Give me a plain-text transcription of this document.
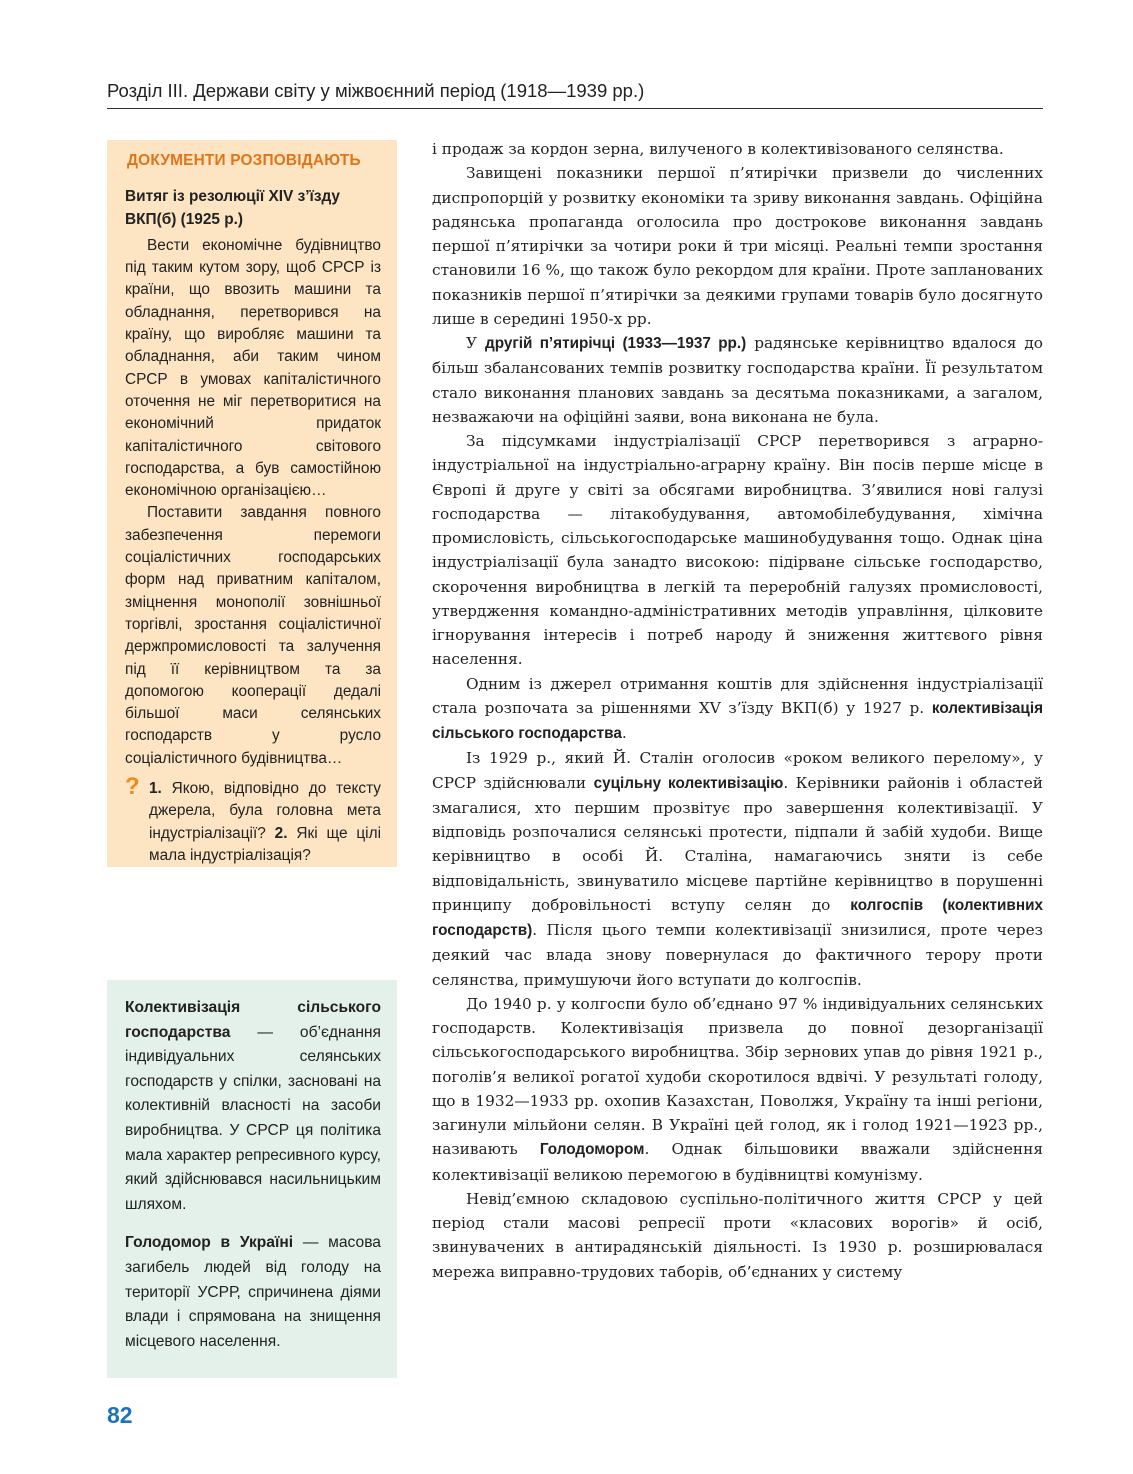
Розділ ІІІ. Держави світу у міжвоєнний період (1918—1939 рр.)
ДОКУМЕНТИ РОЗПОВІДАЮТЬ
Витяг із резолюції XIV з’їзду ВКП(б) (1925 р.)

Вести економічне будівництво під таким кутом зору, щоб СРСР із країни, що ввозить машини та обладнання, перетворився на країну, що виробляє машини та обладнання, аби таким чином СРСР в умовах капіталістичного оточення не міг перетворитися на економічний придаток капіталістичного світового господарства, а був самостійною економічною організацією…

Поставити завдання повного забезпечення перемоги соціалістичних господарських форм над приватним капіталом, зміцнення монополії зовнішньої торгівлі, зростання соціалістичної держпромисловості та залучення під її керівництвом та за допомогою кооперації дедалі більшої маси селянських господарств у русло соціалістичного будівництва…

? 1. Якою, відповідно до тексту джерела, була головна мета індустріалізації? 2. Які ще цілі мала індустріалізація?

Колективізація сільського господарства — об’єднання індивідуальних селянських господарств у спілки, засновані на колективній власності на засоби виробництва. У СРСР ця політика мала характер репресивного курсу, який здійснювався насильницьким шляхом.

Голодомор в Україні — масова загибель людей від голоду на території УСРР, спричинена діями влади і спрямована на знищення місцевого населення.

і продаж за кордон зерна, вилученого в колективізованого селянства.

Завищені показники першої п’ятирічки призвели до численних диспропорцій у розвитку економіки та зриву виконання завдань. Офіційна радянська пропаганда оголосила про дострокове виконання завдань першої п’ятирічки за чотири роки й три місяці. Реальні темпи зростання становили 16 %, що також було рекордом для країни. Проте запланованих показників першої п’ятирічки за деякими групами товарів було досягнуто лише в середині 1950-х рр.

У другій п’ятирічці (1933—1937 рр.) радянське керівництво вдалося до більш збалансованих темпів розвитку господарства країни. Її результатом стало виконання планових завдань за десятьма показниками, а загалом, незважаючи на офіційні заяви, вона виконана не була.

За підсумками індустріалізації СРСР перетворився з аграрно-індустріальної на індустріально-аграрну країну. Він посів перше місце в Європі й друге у світі за обсягами виробництва. З’явилися нові галузі господарства — літакобудування, автомобілебудування, хімічна промисловість, сільськогосподарське машинобудування тощо. Однак ціна індустріалізації була занадто високою: підірване сільське господарство, скорочення виробництва в легкій та переробній галузях промисловості, утвердження командно-адміністративних методів управління, цілковите ігнорування інтересів і потреб народу й зниження життєвого рівня населення.

Одним із джерел отримання коштів для здійснення індустріалізації стала розпочата за рішеннями XV з’їзду ВКП(б) у 1927 р. колективізація сільського господарства.

Із 1929 р., який Й. Сталін оголосив «роком великого перелому», у СРСР здійснювали суцільну колективізацію. Керівники районів і областей змагалися, хто першим прозвітує про завершення колективізації. У відповідь розпочалися селянські протести, підпали й забій худоби. Вище керівництво в особі Й. Сталіна, намагаючись зняти із себе відповідальність, звинуватило місцеве партійне керівництво в порушенні принципу добровільності вступу селян до колгоспів (колективних господарств). Після цього темпи колективізації знизилися, проте через деякий час влада знову повернулася до фактичного терору проти селянства, примушуючи його вступати до колгоспів.

До 1940 р. у колгоспи було об’єднано 97 % індивідуальних селянських господарств. Колективізація призвела до повної дезорганізації сільськогосподарського виробництва. Збір зернових упав до рівня 1921 р., поголів’я великої рогатої худоби скоротилося вдвічі. У результаті голоду, що в 1932—1933 рр. охопив Казахстан, Поволжя, Україну та інші регіони, загинули мільйони селян. В Україні цей голод, як і голод 1921—1923 рр., називають Голодомором. Однак більшовики вважали здійснення колективізації великою перемогою в будівництві комунізму.

Невід’ємною складовою суспільно-політичного життя СРСР у цей період стали масові репресії проти «класових ворогів» й осіб, звинувачених в антирадянській діяльності. Із 1930 р. розширювалася мережа виправно-трудових таборів, об’єднаних у систему

82
